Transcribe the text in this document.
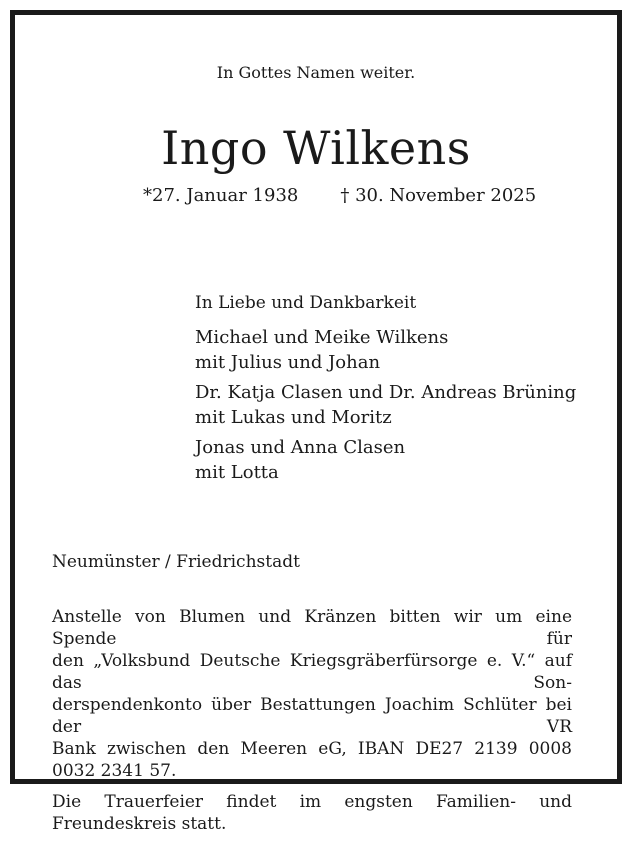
In Gottes Namen weiter.
Ingo Wilkens
*27. Januar 1938 † 30. November 2025
In Liebe und Dankbarkeit
Michael und Meike Wilkens
mit Julius und Johan
Dr. Katja Clasen und Dr. Andreas Brüning
mit Lukas und Moritz
Jonas und Anna Clasen
mit Lotta
Neumünster / Friedrichstadt

Anstelle von Blumen und Kränzen bitten wir um eine Spende für
den „Volksbund Deutsche Kriegsgräberfürsorge e. V.“ auf das Son-
derspendenkonto über Bestattungen Joachim Schlüter bei der VR
Bank zwischen den Meeren eG, IBAN DE27 2139 0008 0032 2341 57.

Die Trauerfeier findet im engsten Familien- und Freundeskreis statt.
